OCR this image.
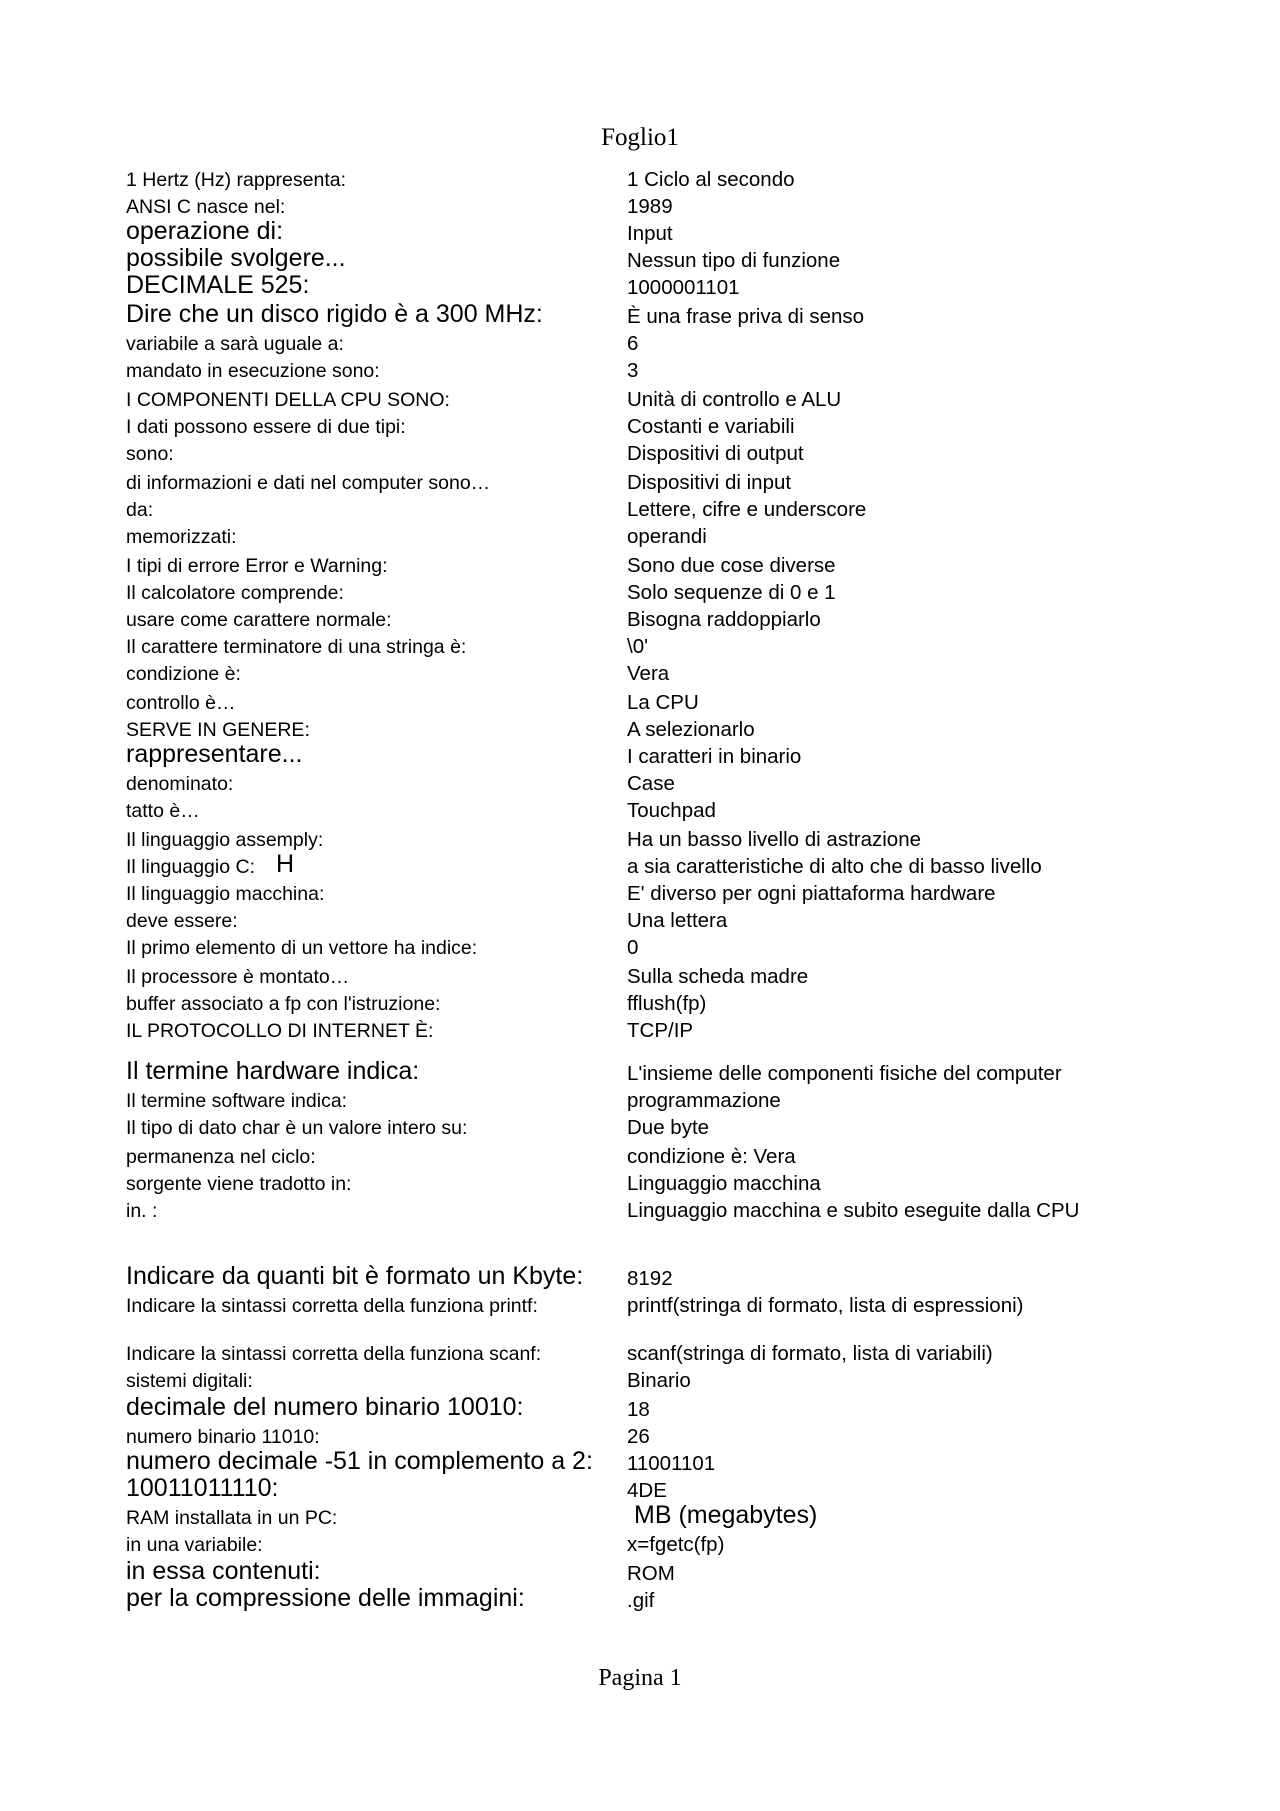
Foglio1
1 Hertz (Hz) rappresenta:	1 Ciclo al secondo
ANSI C nasce nel:	1989
operazione di:	Input
possibile svolgere...	Nessun tipo di funzione
DECIMALE 525:	1000001101
Dire che un disco rigido è a 300 MHz:	È una frase priva di senso
variabile a sarà uguale a:	6
mandato in esecuzione sono:	3
I COMPONENTI DELLA CPU SONO:	Unità di controllo e ALU
I dati possono essere di due tipi:	Costanti e variabili
sono:	Dispositivi di output
di informazioni e dati nel computer sono…	Dispositivi di input
da:	Lettere, cifre e underscore
memorizzati:	operandi
I tipi di errore Error e Warning:	Sono due cose diverse
Il calcolatore comprende:	Solo sequenze di 0 e 1
usare come carattere normale:	Bisogna raddoppiarlo
Il carattere terminatore di una stringa è:	\0'
condizione è:	Vera
controllo è…	La CPU
SERVE IN GENERE:	A selezionarlo
rappresentare...	I caratteri in binario
denominato:	Case
tatto è…	Touchpad
Il linguaggio assemply:	Ha un basso livello di astrazione
Il linguaggio C: H	a sia caratteristiche di alto che di basso livello
Il linguaggio macchina:	E' diverso per ogni piattaforma hardware
deve essere:	Una lettera
Il primo elemento di un vettore ha indice:	0
Il processore è montato…	Sulla scheda madre
buffer associato a fp con l'istruzione:	fflush(fp)
IL PROTOCOLLO DI INTERNET È:	TCP/IP
Il termine hardware indica:	L'insieme delle componenti fisiche del computer
Il termine software indica:	programmazione
Il tipo di dato char è un valore intero su:	Due byte
permanenza nel ciclo:	condizione è: Vera
sorgente viene tradotto in:	Linguaggio macchina
in. :	Linguaggio macchina e subito eseguite dalla CPU
Indicare da quanti bit è formato un Kbyte: 8192
Indicare la sintassi corretta della funziona printf:	printf(stringa di formato, lista di espressioni)
Indicare la sintassi corretta della funziona scanf:	scanf(stringa di formato, lista di variabili)
sistemi digitali:	Binario
decimale del numero binario 10010:	18
numero binario 11010:	26
numero decimale -51 in complemento a 2: 11001101
10011011110:	4DE
RAM installata in un PC:	MB (megabytes)
in una variabile:	x=fgetc(fp)
in essa contenuti:	ROM
per la compressione delle immagini:	.gif
Pagina 1
